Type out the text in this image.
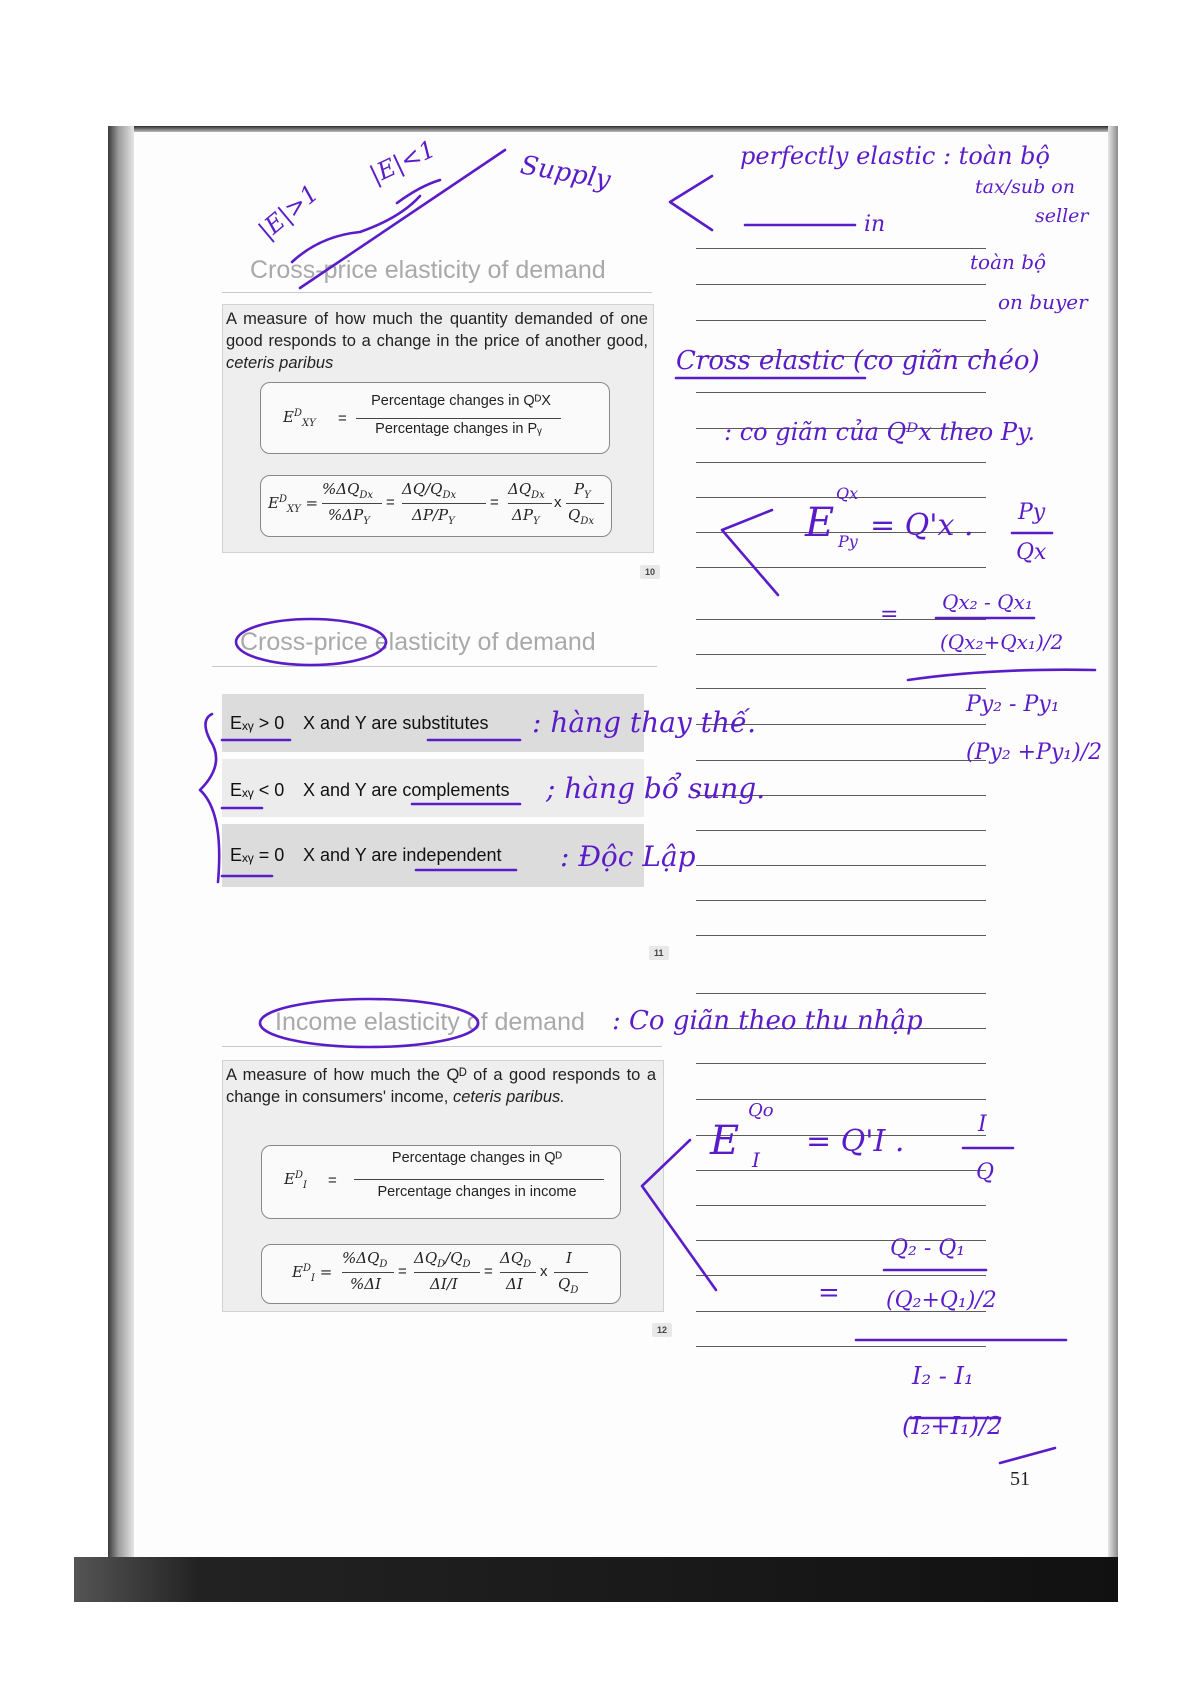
Cross-price elasticity of demand
A measure of how much the quantity demanded of one good responds to a change in the price of another good, ceteris paribus
$E^D_{XY}$ =
Percentage changes in QᴰX
Percentage changes in Pᵧ
$E^D_{XY}$ =
$\%\Delta Q_{Dx}$
$\%\Delta P_Y$
=
$\Delta Q/Q_{Dx}$
$\Delta P/P_Y$
=
$\Delta Q_{Dx}$
$\Delta P_Y$
x
$P_Y$
$Q_{Dx}$
10
Cross-price elasticity of demand
Eₓᵧ > 0 X and Y are substitutes
Eₓᵧ < 0 X and Y are complements
Eₓᵧ = 0 X and Y are independent
11
Income elasticity of demand
A measure of how much the Qᴰ of a good responds to a change in consumers' income, ceteris paribus.
$E^D_I$ =
Percentage changes in Qᴰ
Percentage changes in income
$E^D_I$ =
$\%\Delta Q_D$
%ΔI
=
$\Delta Q_D/Q_D$
ΔI/I
=
$\Delta Q_D$
ΔI
x
I
$Q_D$
12
51
|E|>1
|E|<1	Supply	perfectly elastic : toàn bộ
tax/sub on
seller
in
toàn bộ
on buyer
Cross elastic (co giãn chéo)
: co giãn của Qᴰx theo Py.
E
Qx
Py = Q'x . Py
Qx
= Qx₂ - Qx₁
(Qx₂+Qx₁)/2
Py₂ - Py₁
(Py₂ +Py₁)/2
: hàng thay thế.
; hàng bổ sung.
: Độc Lập
: Co giãn theo thu nhập
E
Qo
I
= Q'I .	I
Q
=
Q₂ - Q₁
(Q₂+Q₁)/2
I₂ - I₁
(I₂+I₁)/2
